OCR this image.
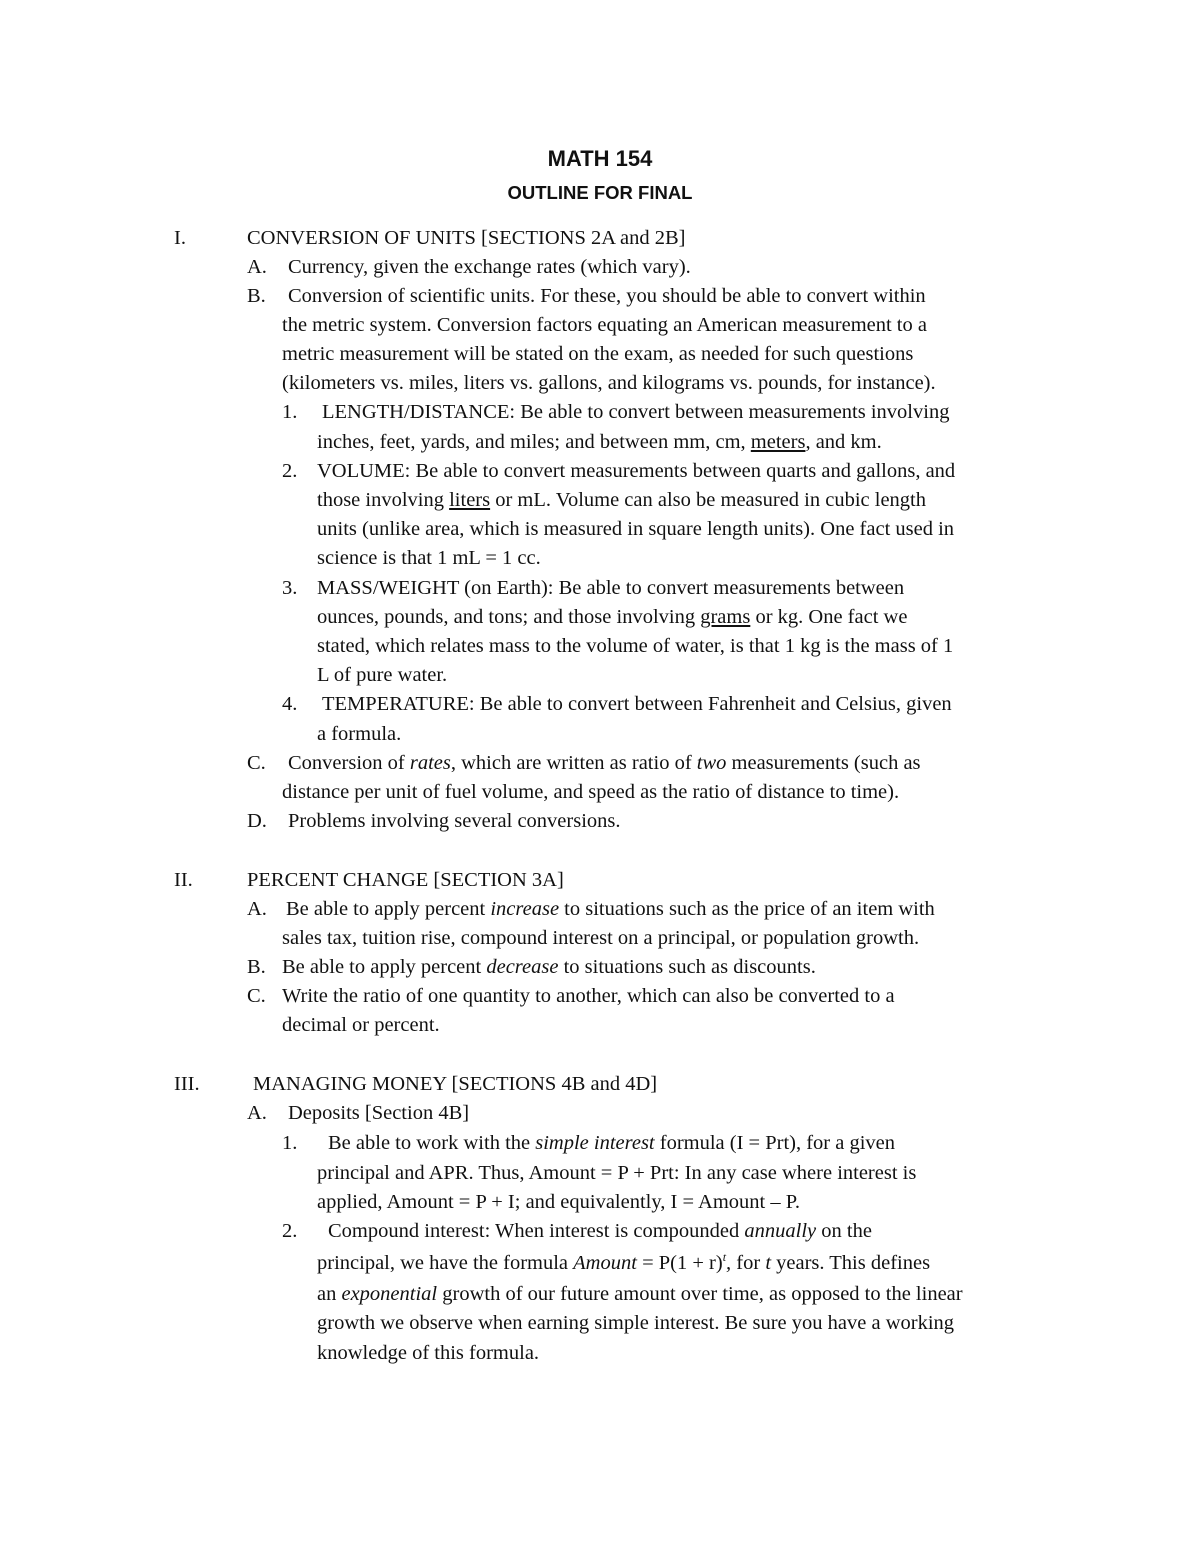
MATH 154
OUTLINE FOR FINAL
I.	CONVERSION OF UNITS [SECTIONS 2A and 2B]
A. Currency, given the exchange rates (which vary).
B. Conversion of scientific units. For these, you should be able to convert within
the metric system. Conversion factors equating an American measurement to a
metric measurement will be stated on the exam, as needed for such questions
(kilometers vs. miles, liters vs. gallons, and kilograms vs. pounds, for instance).
1. LENGTH/DISTANCE: Be able to convert between measurements involving
inches, feet, yards, and miles; and between mm, cm, meters, and km.
2. VOLUME: Be able to convert measurements between quarts and gallons, and
those involving liters or mL. Volume can also be measured in cubic length
units (unlike area, which is measured in square length units). One fact used in
science is that 1 mL = 1 cc.
3. MASS/WEIGHT (on Earth): Be able to convert measurements between
ounces, pounds, and tons; and those involving grams or kg. One fact we
stated, which relates mass to the volume of water, is that 1 kg is the mass of 1
L of pure water.
4. TEMPERATURE: Be able to convert between Fahrenheit and Celsius, given
a formula.
C. Conversion of rates, which are written as ratio of two measurements (such as
distance per unit of fuel volume, and speed as the ratio of distance to time).
D. Problems involving several conversions.
II.	PERCENT CHANGE [SECTION 3A]
A. Be able to apply percent increase to situations such as the price of an item with
sales tax, tuition rise, compound interest on a principal, or population growth.
B. Be able to apply percent decrease to situations such as discounts.
C. Write the ratio of one quantity to another, which can also be converted to a
decimal or percent.
III.	MANAGING MONEY [SECTIONS 4B and 4D]
A. Deposits [Section 4B]
1. Be able to work with the simple interest formula (I = Prt), for a given
principal and APR. Thus, Amount = P + Prt: In any case where interest is
applied, Amount = P + I; and equivalently, I = Amount – P.
2. Compound interest: When interest is compounded annually on the
principal, we have the formula Amount = $P(1 + r)^t$, for t years. This defines
an exponential growth of our future amount over time, as opposed to the linear
growth we observe when earning simple interest. Be sure you have a working
knowledge of this formula.
